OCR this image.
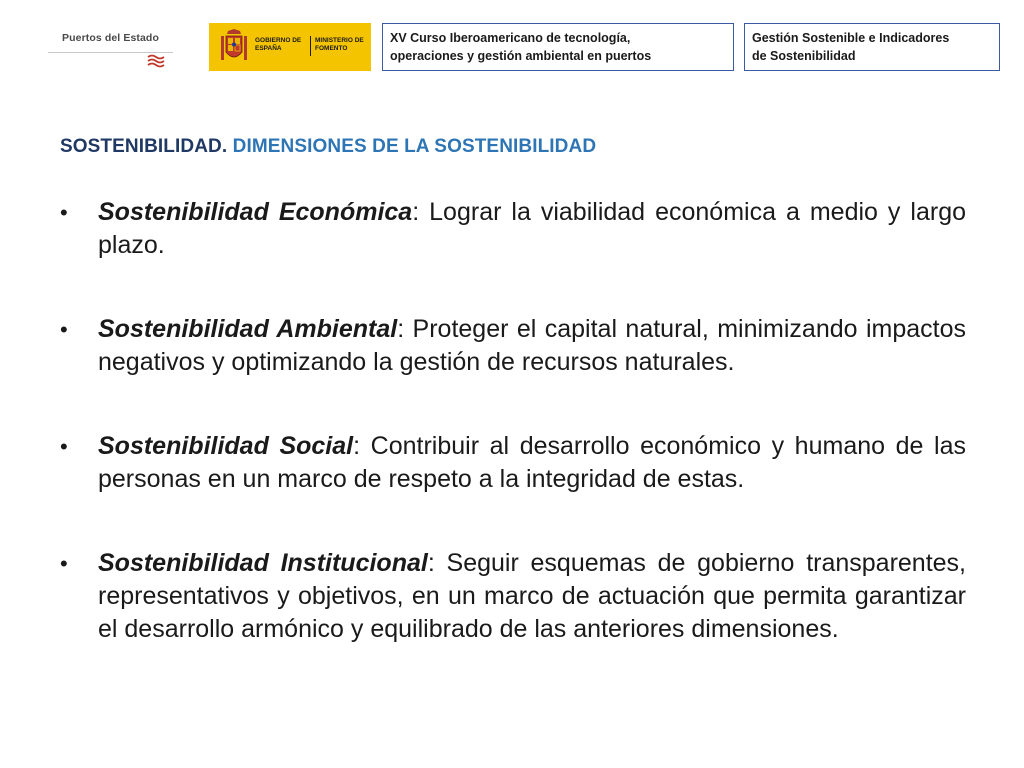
Puertos del Estado	GOBIERNO DE ESPAÑA
MINISTERIO DE FOMENTO
XV Curso Iberoamericano de tecnología,
operaciones y gestión ambiental en puertos
Gestión Sostenible e Indicadores
de Sostenibilidad
SOSTENIBILIDAD. DIMENSIONES DE LA SOSTENIBILIDAD
• Sostenibilidad Económica: Lograr la viabilidad económica a medio y largo plazo.
• Sostenibilidad Ambiental: Proteger el capital natural, minimizando impactos negativos y optimizando la gestión de recursos naturales.
• Sostenibilidad Social: Contribuir al desarrollo económico y humano de las personas en un marco de respeto a la integridad de estas.
• Sostenibilidad Institucional: Seguir esquemas de gobierno transparentes, representativos y objetivos, en un marco de actuación que permita garantizar el desarrollo armónico y equilibrado de las anteriores dimensiones.
